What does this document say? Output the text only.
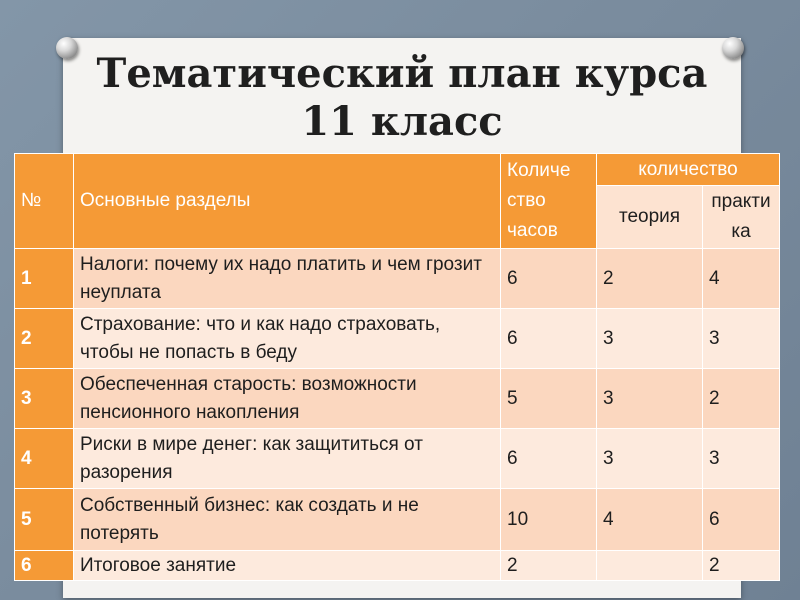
Тематический план курса
11 класс
№	Основные разделы	Количе ство часов	количество	
			теория	практи ка
1	Налоги: почему их надо платить и чем грозит неуплата	6	2	4
2	Страхование: что и как надо страховать, чтобы не попасть в беду	6	3	3
3	Обеспеченная старость: возможности пенсионного накопления	5	3	2
4	Риски в мире денег: как защититься от разорения	6	3	3
5	Собственный бизнес: как создать и не потерять	10	4	6
6	Итоговое занятие	2		2
